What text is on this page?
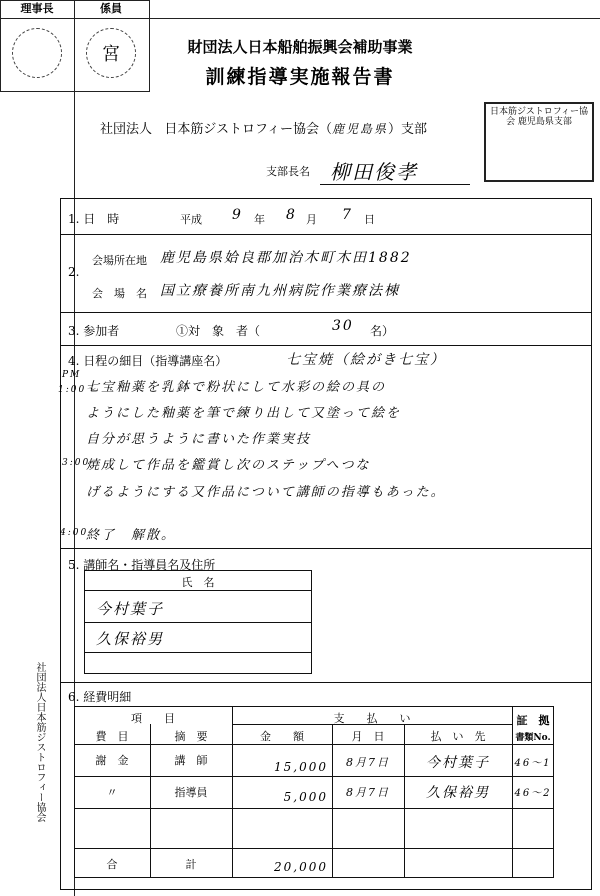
理事長	係員
宮	財団法人日本船舶振興会補助事業
訓練指導実施報告書
社団法人 日本筋ジストロフィー協会（鹿児島県）支部
日本筋ジストロフィー協会 鹿児島県支部
支部長名 柳田俊孝
1. 日　時	平成 9 年 8 月 7 日
2.
会場所在地 鹿児島県姶良郡加治木町木田1882
会　場　名 国立療養所南九州病院作業療法棟
3. 参加者	①対　象　者（	30 名）
4. 日程の細目（指導講座名）	七宝焼（絵がき七宝）
PM
1:00～
七宝釉薬を乳鉢で粉状にして水彩の絵の具の
ようにした釉薬を筆で練り出して又塗って絵を
自分が思うように書いた作業実技
3:00
焼成して作品を鑑賞し次のステップへつな
げるようにする又作品について講師の指導もあった。
4:00
終了　解散。
5. 講師名・指導員名及住所
氏　名
今村葉子
久保裕男
6. 経費明細
項　　目	支　　払　　い	証　拠
費　目	摘　要	金　　額	月　日	払　い　先	書類No.
謝　金	講　師	15,000	8月7日	今村葉子	46～1
〃	指導員	5,000	8月7日	久保裕男	46～2
合	計	20,000
社団法人日本筋ジストロフィー協会
